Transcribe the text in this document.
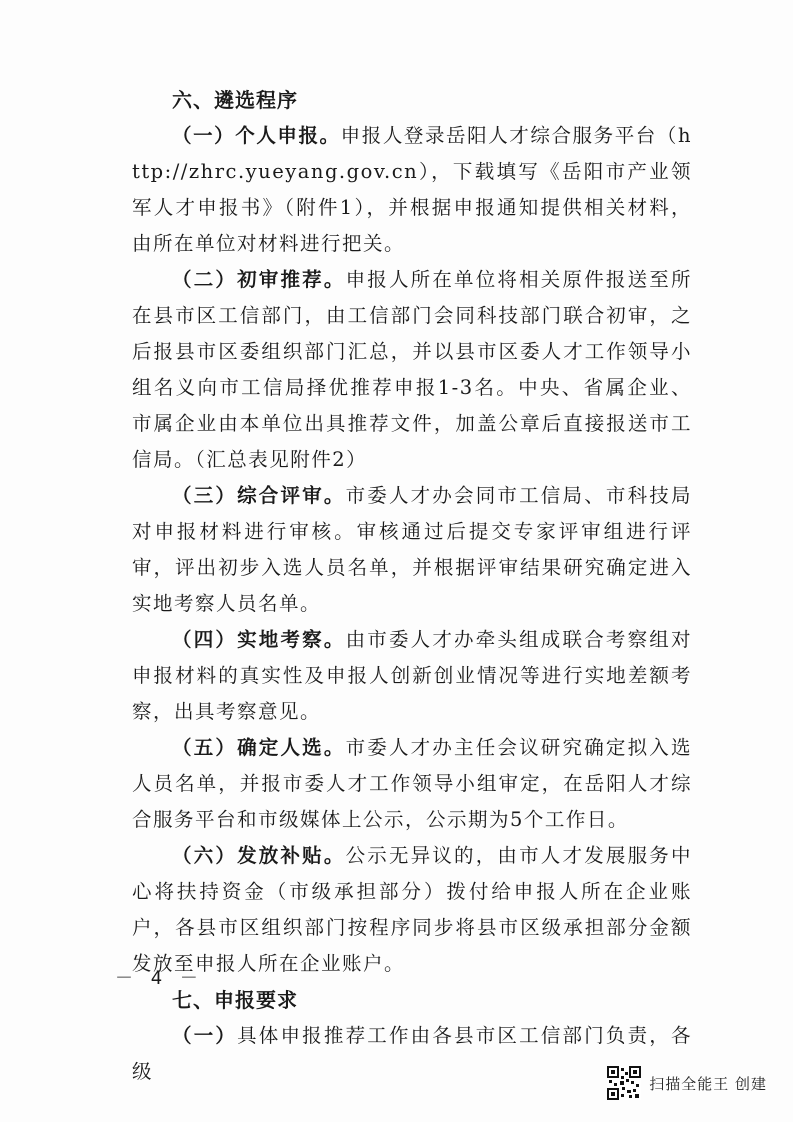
六、遴选程序

（一）个人申报。申报人登录岳阳人才综合服务平台（http://zhrc.yueyang.gov.cn），下载填写《岳阳市产业领军人才申报书》（附件1），并根据申报通知提供相关材料，由所在单位对材料进行把关。

（二）初审推荐。申报人所在单位将相关原件报送至所在县市区工信部门，由工信部门会同科技部门联合初审，之后报县市区委组织部门汇总，并以县市区委人才工作领导小组名义向市工信局择优推荐申报1-3名。中央、省属企业、市属企业由本单位出具推荐文件，加盖公章后直接报送市工信局。（汇总表见附件2）

（三）综合评审。市委人才办会同市工信局、市科技局对申报材料进行审核。审核通过后提交专家评审组进行评审，评出初步入选人员名单，并根据评审结果研究确定进入实地考察人员名单。

（四）实地考察。由市委人才办牵头组成联合考察组对申报材料的真实性及申报人创新创业情况等进行实地差额考察，出具考察意见。

（五）确定人选。市委人才办主任会议研究确定拟入选人员名单，并报市委人才工作领导小组审定，在岳阳人才综合服务平台和市级媒体上公示，公示期为5个工作日。

（六）发放补贴。公示无异议的，由市人才发展服务中心将扶持资金（市级承担部分）拨付给申报人所在企业账户，各县市区组织部门按程序同步将县市区级承担部分金额发放至申报人所在企业账户。

七、申报要求

（一）具体申报推荐工作由各县市区工信部门负责，各级

－ 4 －
扫描全能王 创建
